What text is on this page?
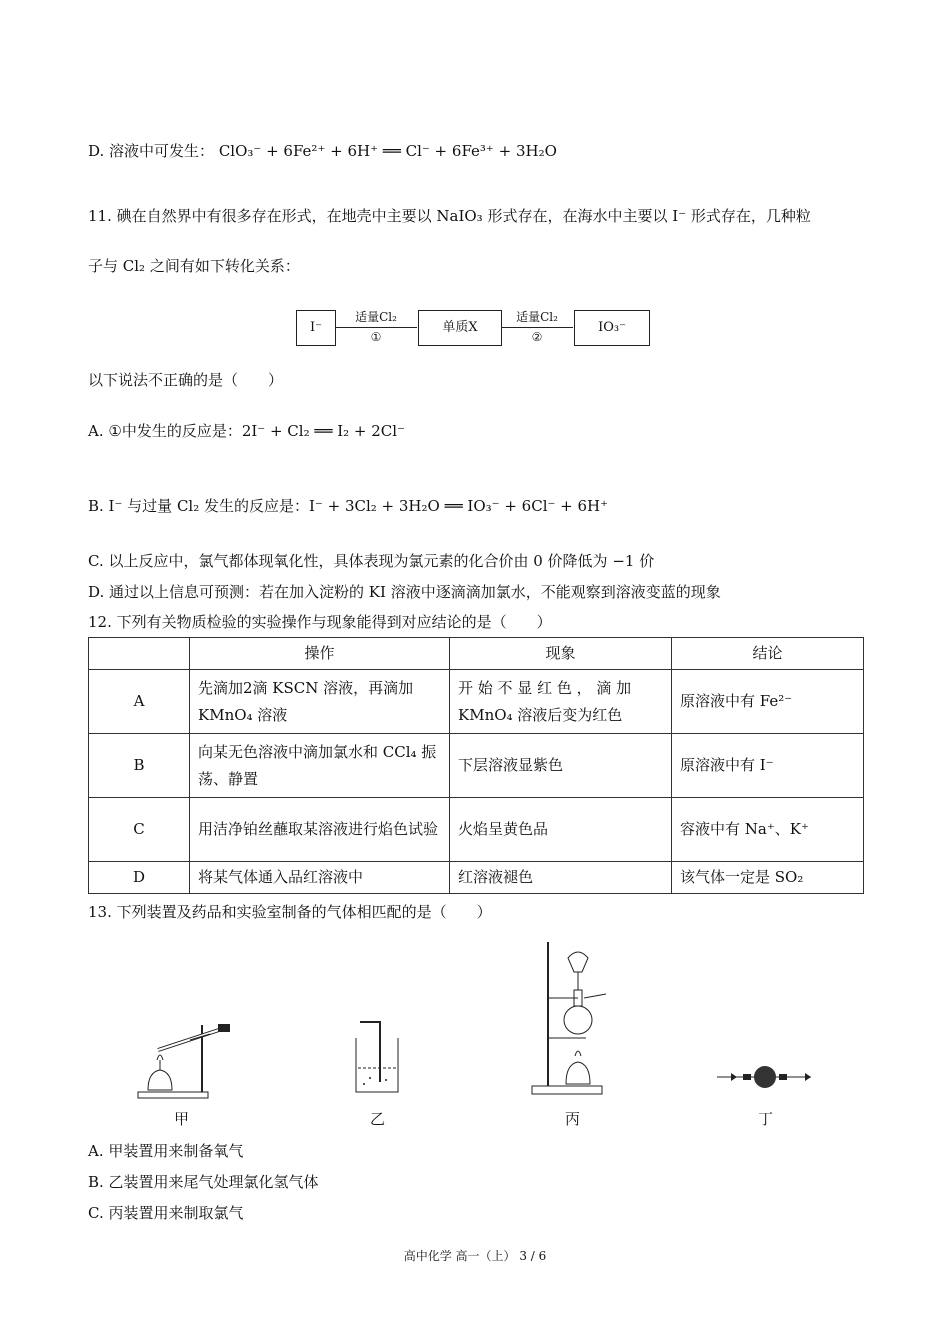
D. 溶液中可发生： ClO₃⁻ + 6Fe²⁺ + 6H⁺ ══ Cl⁻ + 6Fe³⁺ + 3H₂O
11. 碘在自然界中有很多存在形式，在地壳中主要以 NaIO₃ 形式存在，在海水中主要以 I⁻ 形式存在，几种粒
子与 Cl₂ 之间有如下转化关系：
I⁻
适量Cl₂
①
单质X
适量Cl₂
②
IO₃⁻
以下说法不正确的是（　　）
A. ①中发生的反应是：2I⁻ + Cl₂ ══ I₂ + 2Cl⁻
B. I⁻ 与过量 Cl₂ 发生的反应是：I⁻ + 3Cl₂ + 3H₂O ══ IO₃⁻ + 6Cl⁻ + 6H⁺
C. 以上反应中，氯气都体现氧化性，具体表现为氯元素的化合价由 0 价降低为 −1 价
D. 通过以上信息可预测：若在加入淀粉的 KI 溶液中逐滴滴加氯水，不能观察到溶液变蓝的现象
12. 下列有关物质检验的实验操作与现象能得到对应结论的是（　　）
	操作	现象	结论
A	先滴加2滴 KSCN 溶液，再滴加 KMnO₄ 溶液	开 始 不 显 红 色 ， 滴 加 KMnO₄ 溶液后变为红色	原溶液中有 Fe²⁻
B	向某无色溶液中滴加氯水和 CCl₄ 振荡、静置	下层溶液显紫色	原溶液中有 I⁻
C	用洁净铂丝蘸取某溶液进行焰色试验	火焰呈黄色品	容液中有 Na⁺、K⁺
D	将某气体通入品红溶液中	红溶液褪色	该气体一定是 SO₂
13. 下列装置及药品和实验室制备的气体相匹配的是（　　）
甲	乙	丙	丁
A. 甲装置用来制备氧气
B. 乙装置用来尾气处理氯化氢气体
C. 丙装置用来制取氯气
高中化学 高一（上） 3 / 6
